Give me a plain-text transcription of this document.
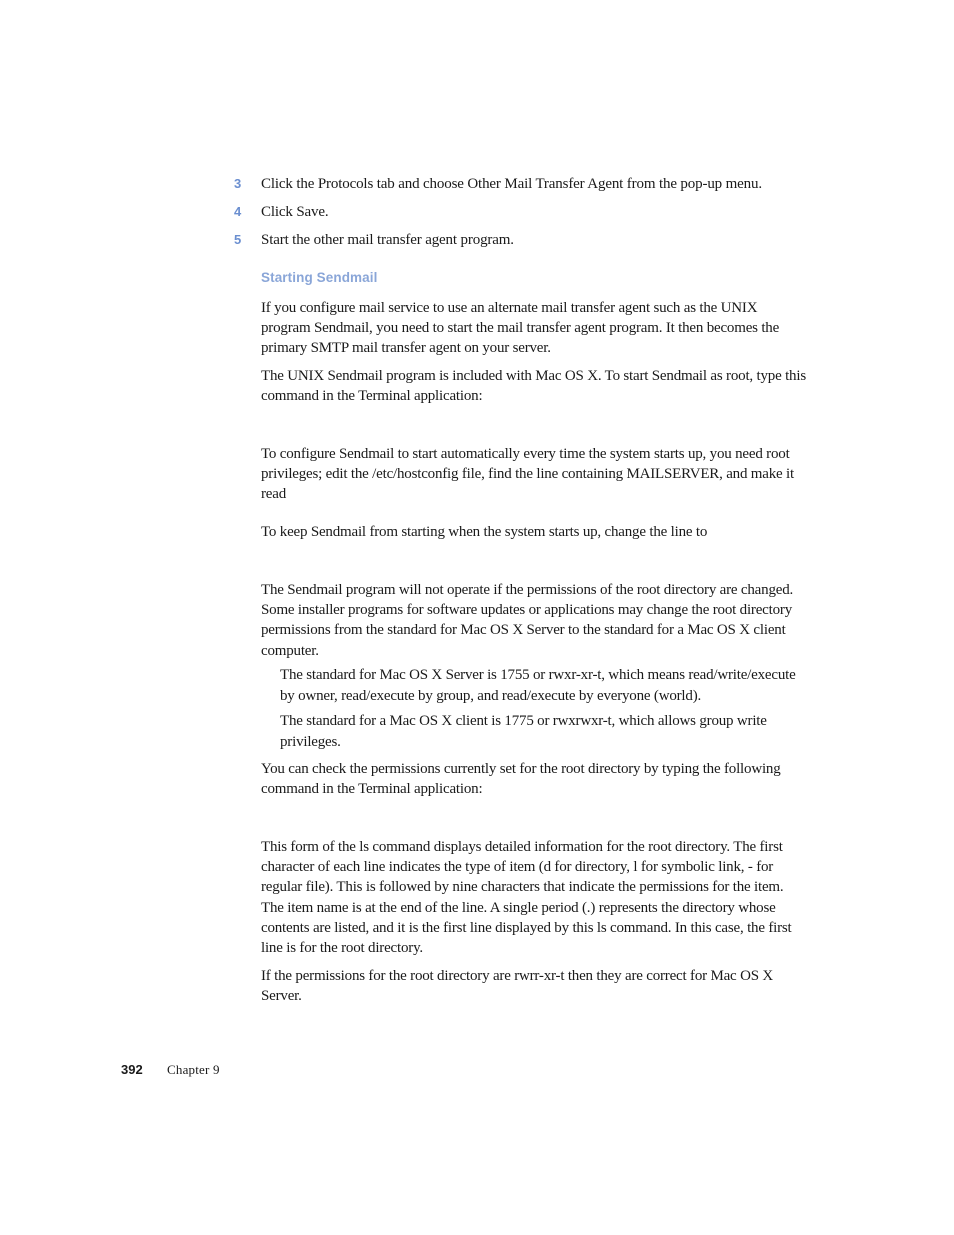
3	Click the Protocols tab and choose Other Mail Transfer Agent from the pop-up menu.
4	Click Save.
5	Start the other mail transfer agent program.
Starting Sendmail
If you configure mail service to use an alternate mail transfer agent such as the UNIX program Sendmail, you need to start the mail transfer agent program. It then becomes the primary SMTP mail transfer agent on your server.
The UNIX Sendmail program is included with Mac OS X. To start Sendmail as root, type this command in the Terminal application:
To configure Sendmail to start automatically every time the system starts up, you need root privileges; edit the /etc/hostconfig file, find the line containing MAILSERVER, and make it read
To keep Sendmail from starting when the system starts up, change the line to
The Sendmail program will not operate if the permissions of the root directory are changed. Some installer programs for software updates or applications may change the root directory permissions from the standard for Mac OS X Server to the standard for a Mac OS X client computer.
The standard for Mac OS X Server is 1755 or rwxr-xr-t, which means read/write/execute by owner, read/execute by group, and read/execute by everyone (world).
The standard for a Mac OS X client is 1775 or rwxrwxr-t, which allows group write privileges.
You can check the permissions currently set for the root directory by typing the following command in the Terminal application:
This form of the ls command displays detailed information for the root directory. The first character of each line indicates the type of item (d for directory, l for symbolic link, - for regular file). This is followed by nine characters that indicate the permissions for the item. The item name is at the end of the line. A single period (.) represents the directory whose contents are listed, and it is the first line displayed by this ls command. In this case, the first line is for the root directory.
If the permissions for the root directory are rwrr-xr-t then they are correct for Mac OS X Server.
392 Chapter 9
